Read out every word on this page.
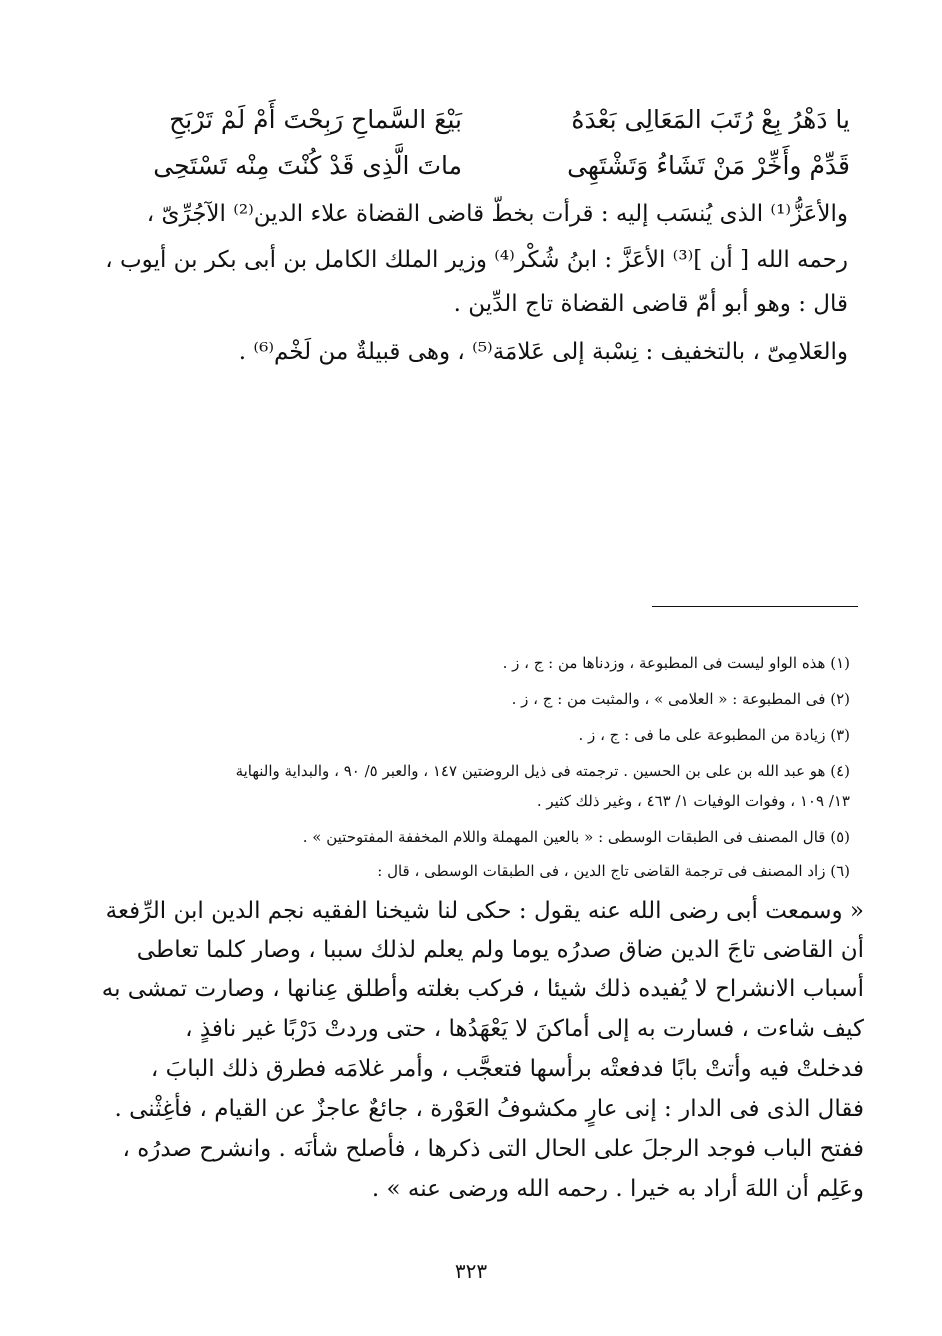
يا دَهْرُ بِعْ رُتَبَ المَعَالِى بَعْدَهُ
بَيْعَ السَّماحِ رَبِحْتَ أَمْ لَمْ تَرْبَحِ
قَدِّمْ وأَخِّرْ مَنْ تَشَاءُ وَتَشْتَهِى
ماتَ الَّذِى قَدْ كُنْتَ مِنْه تَسْتَحِى
والأعَزُّ⁽¹⁾ الذى يُنسَب إليه : قرأت بخطّ قاضى القضاة علاء الدين⁽²⁾ الآجُرِّىّ ،
رحمه الله [ أن ]⁽³⁾ الأعَزَّ : ابنُ شُكْر⁽⁴⁾ وزير الملك الكامل بن أبى بكر بن أيوب ،
قال : وهو أبو أمّ قاضى القضاة تاج الدِّين .
والعَلامِىّ ، بالتخفيف : نِسْبة إلى عَلامَة⁽⁵⁾ ، وهى قبيلةٌ من لَخْم⁽⁶⁾ .
(١) هذه الواو ليست فى المطبوعة ، وزدناها من : ج ، ز .
(٢) فى المطبوعة : « العلامى » ، والمثبت من : ج ، ز .
(٣) زيادة من المطبوعة على ما فى : ج ، ز .
(٤) هو عبد الله بن على بن الحسين . ترجمته فى ذيل الروضتين ١٤٧ ، والعبر ٥/ ٩٠ ، والبداية والنهاية
١٣/ ١٠٩ ، وفوات الوفيات ١/ ٤٦٣ ، وغير ذلك كثير .
(٥) قال المصنف فى الطبقات الوسطى : « بالعين المهملة واللام المخففة المفتوحتين » .
(٦) زاد المصنف فى ترجمة القاضى تاج الدين ، فى الطبقات الوسطى ، قال :
« وسمعت أبى رضى الله عنه يقول : حكى لنا شيخنا الفقيه نجم الدين ابن الرِّفعة
أن القاضى تاجَ الدين ضاق صدرُه يوما ولم يعلم لذلك سببا ، وصار كلما تعاطى
أسباب الانشراح لا يُفيده ذلك شيئا ، فركب بغلته وأطلق عِنانها ، وصارت تمشى به
كيف شاءت ، فسارت به إلى أماكنَ لا يَعْهَدُها ، حتى وردتْ دَرْبًا غير نافذٍ ،
فدخلتْ فيه وأتتْ بابًا فدفعتْه برأسها فتعجَّب ، وأمر غلامَه فطرق ذلك البابَ ،
فقال الذى فى الدار : إنى عارٍ مكشوفُ العَوْرة ، جائعٌ عاجزٌ عن القيام ، فأغِثْنى .
ففتح الباب فوجد الرجلَ على الحال التى ذكرها ، فأصلح شأنَه . وانشرح صدرُه ،
وعَلِم أن اللهَ أراد به خيرا . رحمه الله ورضى عنه » .
٣٢٣
